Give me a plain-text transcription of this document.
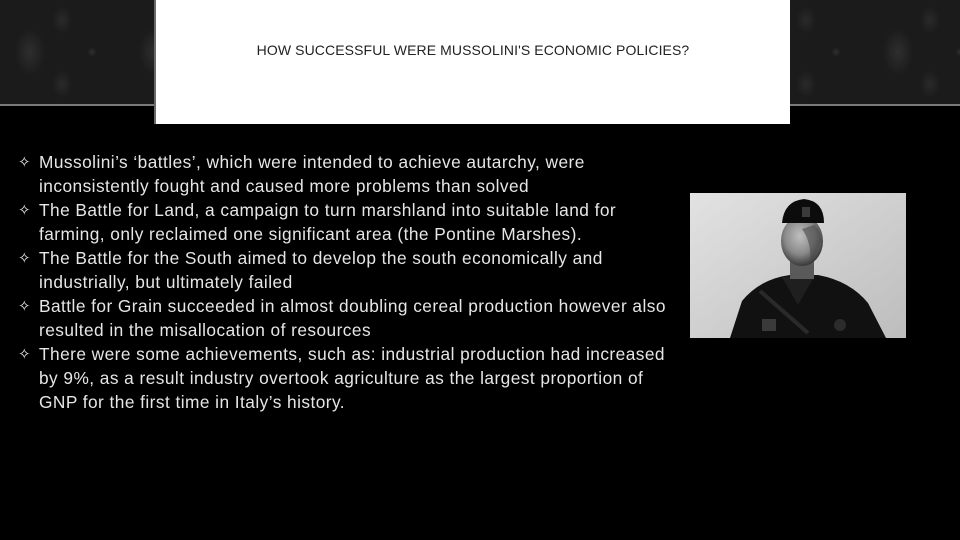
HOW SUCCESSFUL WERE MUSSOLINI'S ECONOMIC POLICIES?
✧ Mussolini’s ‘battles’, which were intended to achieve autarchy, were inconsistently fought and caused more problems than solved
✧ The Battle for Land, a campaign to turn marshland into suitable land for farming, only reclaimed one significant area (the Pontine Marshes).
✧ The Battle for the South aimed to develop the south economically and industrially, but ultimately failed
✧ Battle for Grain succeeded in almost doubling cereal production however also resulted in the misallocation of resources
✧ There were some achievements, such as: industrial production had increased by 9%, as a result industry overtook agriculture as the largest proportion of GNP for the first time in Italy’s history.
